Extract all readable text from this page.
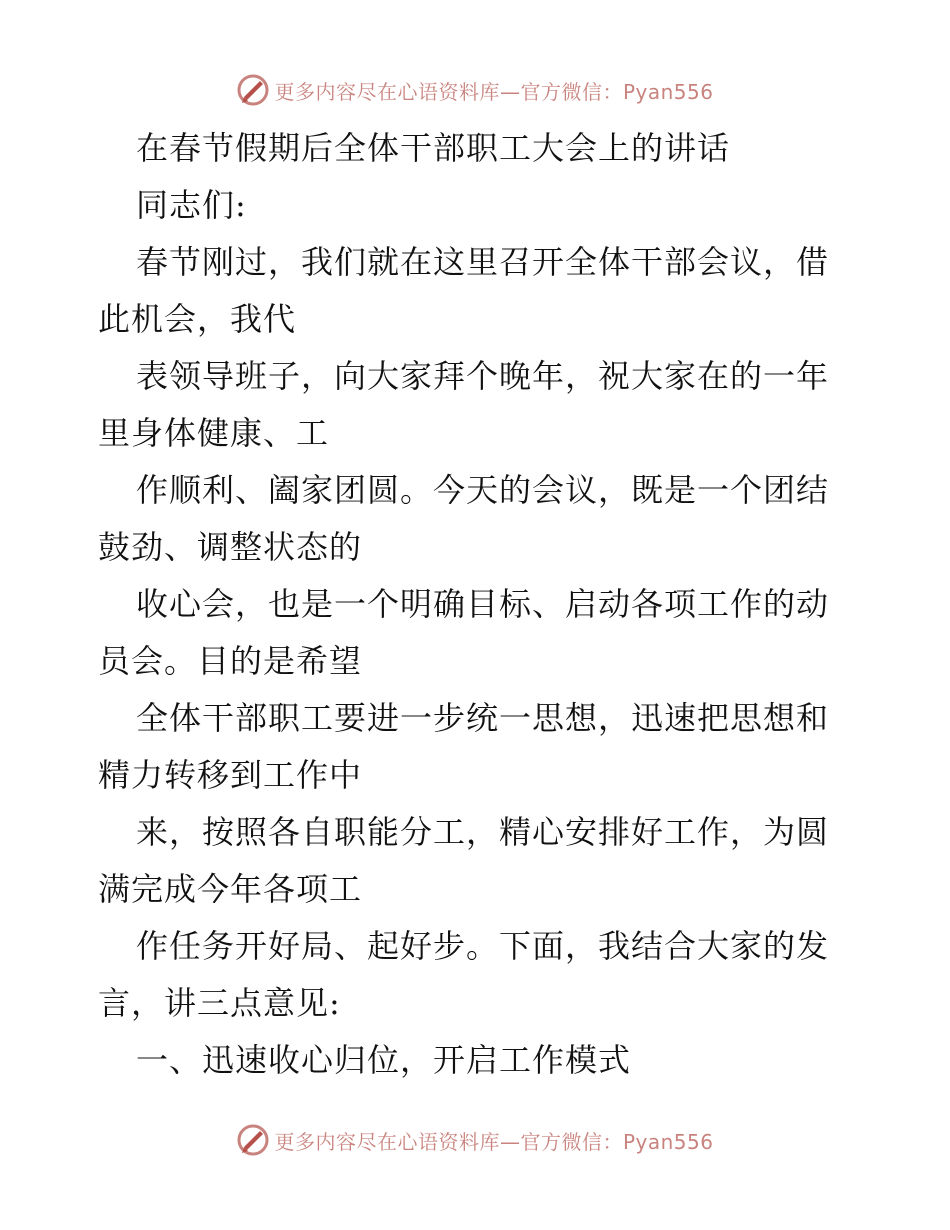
更多内容尽在心语资料库—官方微信：Pyan556
在春节假期后全体干部职工大会上的讲话
同志们:
春节刚过，我们就在这里召开全体干部会议，借
此机会，我代
表领导班子，向大家拜个晚年，祝大家在的一年
里身体健康、工
作顺利、阖家团圆。今天的会议，既是一个团结
鼓劲、调整状态的
收心会，也是一个明确目标、启动各项工作的动
员会。目的是希望
全体干部职工要进一步统一思想，迅速把思想和
精力转移到工作中
来，按照各自职能分工，精心安排好工作，为圆
满完成今年各项工
作任务开好局、起好步。下面，我结合大家的发
言，讲三点意见:
一、迅速收心归位，开启工作模式
更多内容尽在心语资料库—官方微信：Pyan556
